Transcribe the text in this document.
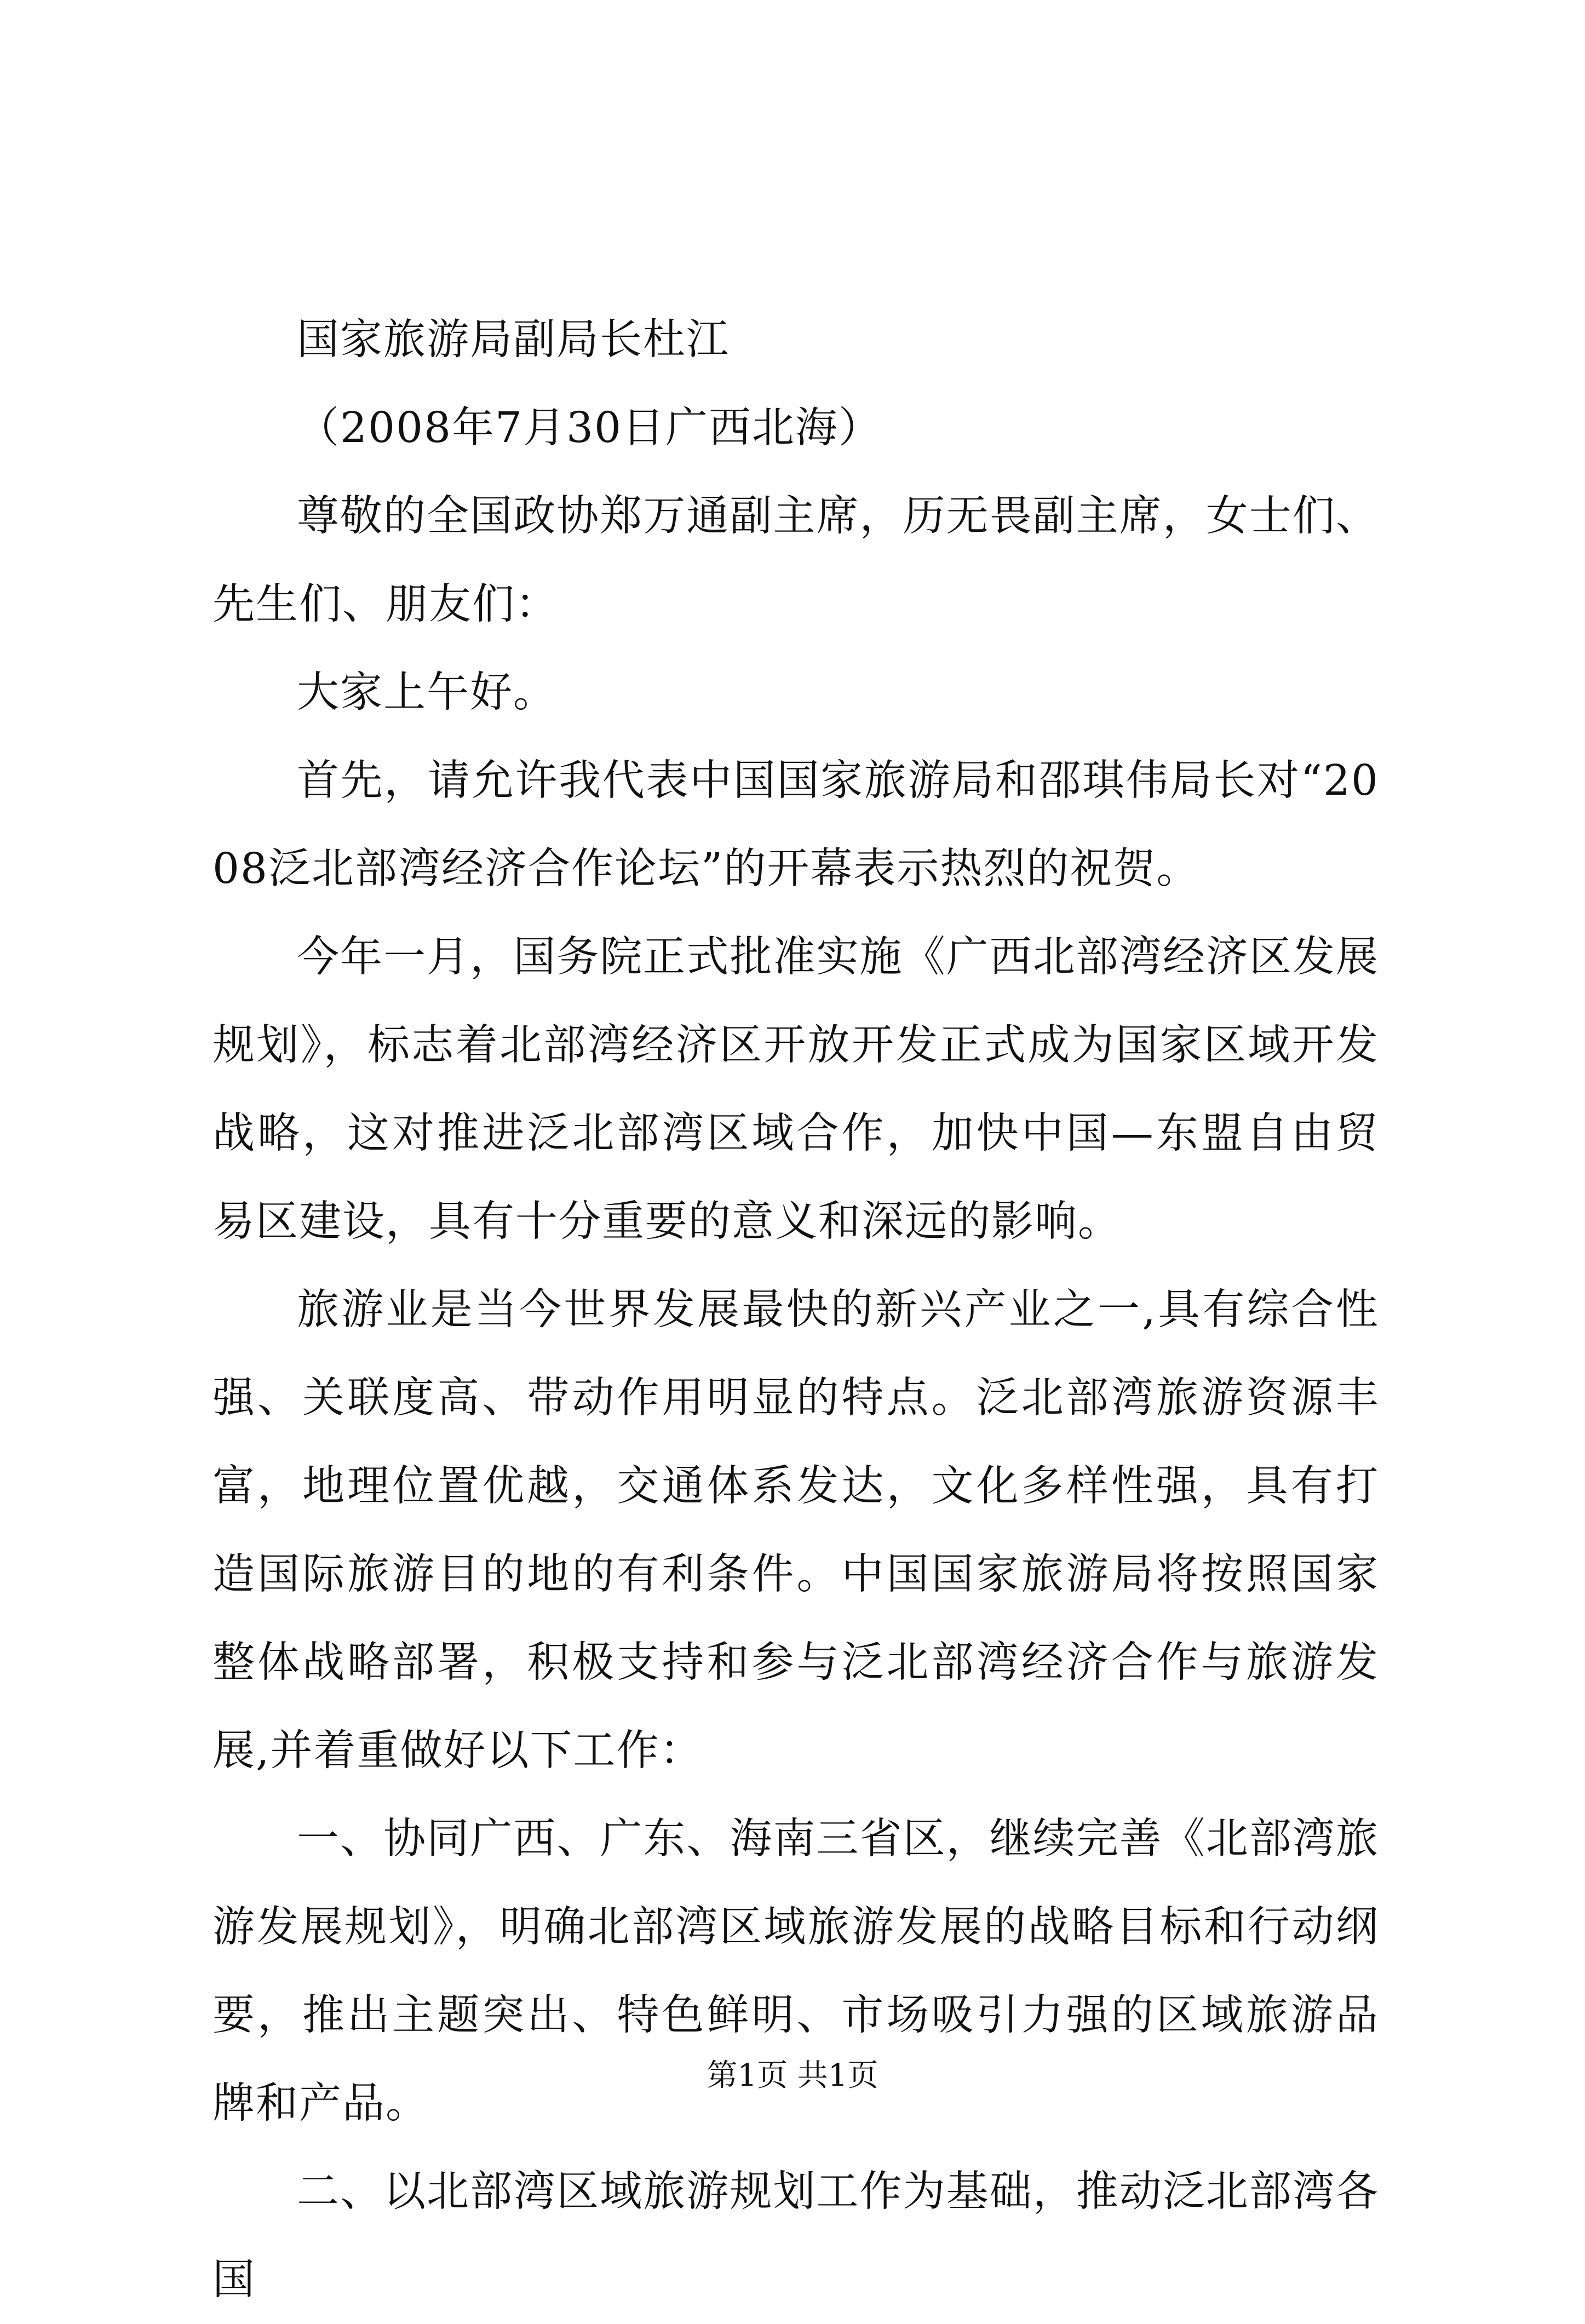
国家旅游局副局长杜江

（2008年7月30日广西北海）

尊敬的全国政协郑万通副主席，历无畏副主席，女士们、先生们、朋友们：

大家上午好。

首先，请允许我代表中国国家旅游局和邵琪伟局长对“2008泛北部湾经济合作论坛”的开幕表示热烈的祝贺。

今年一月，国务院正式批准实施《广西北部湾经济区发展规划》，标志着北部湾经济区开放开发正式成为国家区域开发战略，这对推进泛北部湾区域合作，加快中国—东盟自由贸易区建设，具有十分重要的意义和深远的影响。

旅游业是当今世界发展最快的新兴产业之一,具有综合性强、关联度高、带动作用明显的特点。泛北部湾旅游资源丰富，地理位置优越，交通体系发达，文化多样性强，具有打造国际旅游目的地的有利条件。中国国家旅游局将按照国家整体战略部署，积极支持和参与泛北部湾经济合作与旅游发展,并着重做好以下工作：

一、协同广西、广东、海南三省区，继续完善《北部湾旅游发展规划》，明确北部湾区域旅游发展的战略目标和行动纲要，推出主题突出、特色鲜明、市场吸引力强的区域旅游品牌和产品。

二、以北部湾区域旅游规划工作为基础，推动泛北部湾各国

第1页 共1页
